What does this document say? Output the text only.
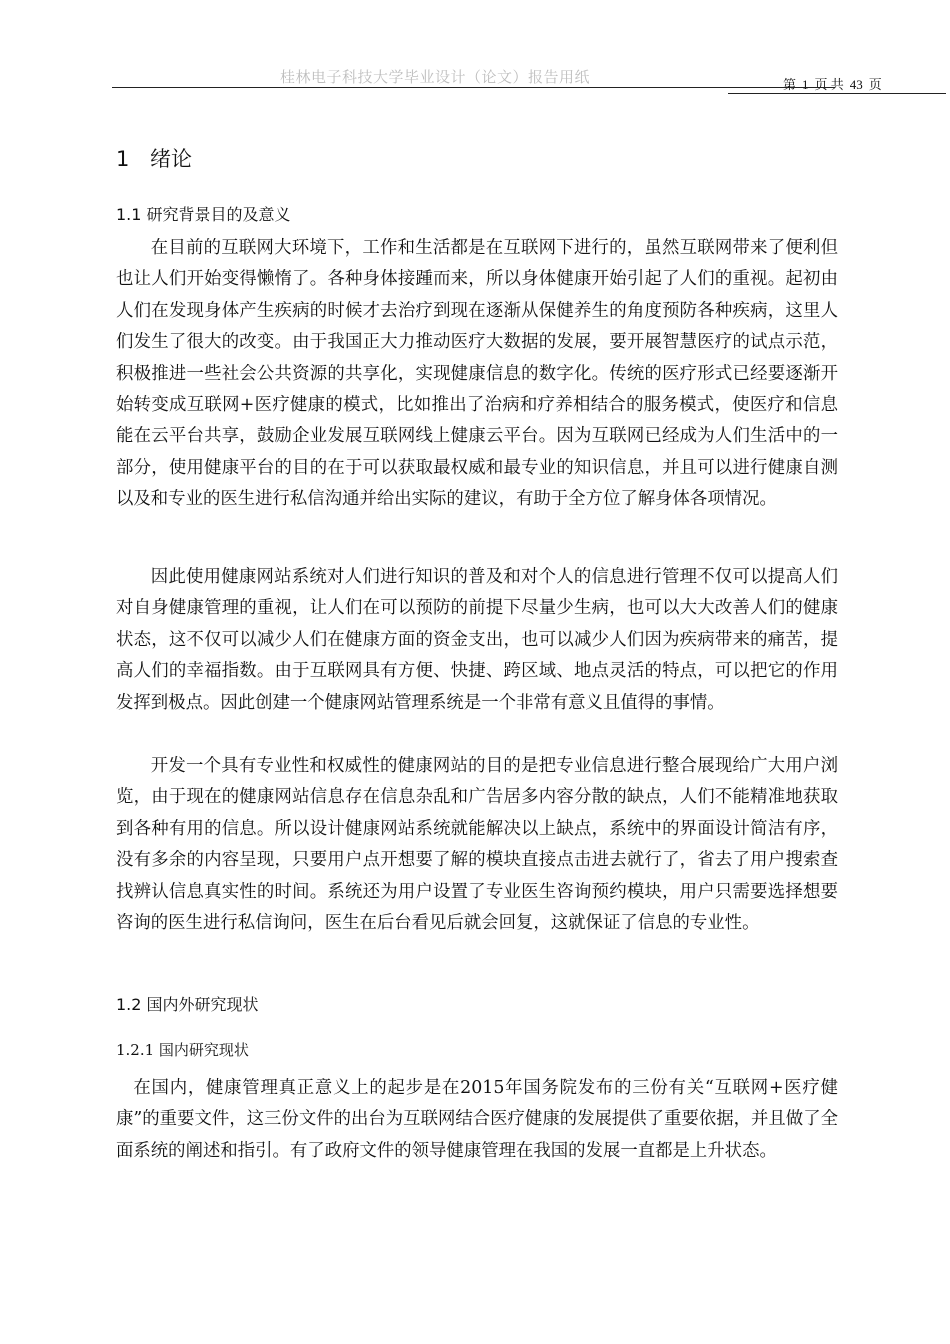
桂林电子科技大学毕业设计（论文）报告用纸	第 1 页 共 43 页
1 绪论
1.1 研究背景目的及意义

在目前的互联网大环境下，工作和生活都是在互联网下进行的，虽然互联网带来了便利但也让人们开始变得懒惰了。各种身体接踵而来，所以身体健康开始引起了人们的重视。起初由人们在发现身体产生疾病的时候才去治疗到现在逐渐从保健养生的角度预防各种疾病，这里人们发生了很大的改变。由于我国正大力推动医疗大数据的发展，要开展智慧医疗的试点示范，积极推进一些社会公共资源的共享化，实现健康信息的数字化。传统的医疗形式已经要逐渐开始转变成互联网+医疗健康的模式，比如推出了治病和疗养相结合的服务模式，使医疗和信息能在云平台共享，鼓励企业发展互联网线上健康云平台。因为互联网已经成为人们生活中的一部分，使用健康平台的目的在于可以获取最权威和最专业的知识信息，并且可以进行健康自测以及和专业的医生进行私信沟通并给出实际的建议，有助于全方位了解身体各项情况。

因此使用健康网站系统对人们进行知识的普及和对个人的信息进行管理不仅可以提高人们对自身健康管理的重视，让人们在可以预防的前提下尽量少生病，也可以大大改善人们的健康状态，这不仅可以减少人们在健康方面的资金支出，也可以减少人们因为疾病带来的痛苦，提高人们的幸福指数。由于互联网具有方便、快捷、跨区域、地点灵活的特点，可以把它的作用发挥到极点。因此创建一个健康网站管理系统是一个非常有意义且值得的事情。

开发一个具有专业性和权威性的健康网站的目的是把专业信息进行整合展现给广大用户浏览，由于现在的健康网站信息存在信息杂乱和广告居多内容分散的缺点，人们不能精准地获取到各种有用的信息。所以设计健康网站系统就能解决以上缺点，系统中的界面设计简洁有序，没有多余的内容呈现，只要用户点开想要了解的模块直接点击进去就行了，省去了用户搜索查找辨认信息真实性的时间。系统还为用户设置了专业医生咨询预约模块，用户只需要选择想要咨询的医生进行私信询问，医生在后台看见后就会回复，这就保证了信息的专业性。

1.2 国内外研究现状
1.2.1 国内研究现状

在国内，健康管理真正意义上的起步是在2015年国务院发布的三份有关“互联网+医疗健康”的重要文件，这三份文件的出台为互联网结合医疗健康的发展提供了重要依据，并且做了全面系统的阐述和指引。有了政府文件的领导健康管理在我国的发展一直都是上升状态。
